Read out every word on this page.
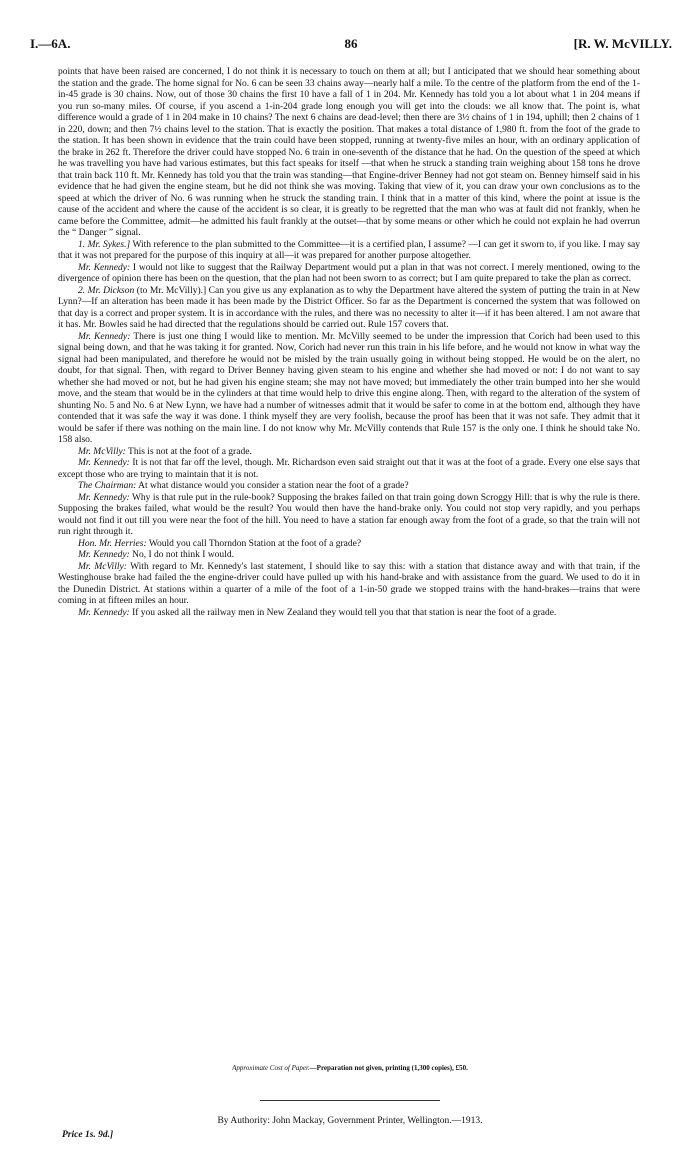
I.—6A.	86	[R. W. McVILLY.

points that have been raised are concerned, I do not think it is necessary to touch on them at all; but I anticipated that we should hear something about the station and the grade. The home signal for No. 6 can be seen 33 chains away—nearly half a mile. To the centre of the platform from the end of the 1-in-45 grade is 30 chains. Now, out of those 30 chains the first 10 have a fall of 1 in 204. Mr. Kennedy has told you a lot about what 1 in 204 means if you run so-many miles. Of course, if you ascend a 1-in-204 grade long enough you will get into the clouds: we all know that. The point is, what difference would a grade of 1 in 204 make in 10 chains? The next 6 chains are dead-level; then there are 3½ chains of 1 in 194, uphill; then 2 chains of 1 in 220, down; and then 7½ chains level to the station. That is exactly the position. That makes a total distance of 1,980 ft. from the foot of the grade to the station. It has been shown in evidence that the train could have been stopped, running at twenty-five miles an hour, with an ordinary application of the brake in 262 ft. Therefore the driver could have stopped No. 6 train in one-seventh of the distance that he had. On the question of the speed at which he was travelling you have had various estimates, but this fact speaks for itself —that when he struck a standing train weighing about 158 tons he drove that train back 110 ft. Mr. Kennedy has told you that the train was standing—that Engine-driver Benney had not got steam on. Benney himself said in his evidence that he had given the engine steam, but he did not think she was moving. Taking that view of it, you can draw your own conclusions as to the speed at which the driver of No. 6 was running when he struck the standing train. I think that in a matter of this kind, where the point at issue is the cause of the accident and where the cause of the accident is so clear, it is greatly to be regretted that the man who was at fault did not frankly, when he came before the Committee, admit—he admitted his fault frankly at the outset—that by some means or other which he could not explain he had overrun the “ Danger ” signal.

1. Mr. Sykes.] With reference to the plan submitted to the Committee—it is a certified plan, I assume? —I can get it sworn to, if you like. I may say that it was not prepared for the purpose of this inquiry at all—it was prepared for another purpose altogether.

Mr. Kennedy: I would not like to suggest that the Railway Department would put a plan in that was not correct. I merely mentioned, owing to the divergence of opinion there has been on the question, that the plan had not been sworn to as correct; but I am quite prepared to take the plan as correct.

2. Mr. Dickson (to Mr. McVilly).] Can you give us any explanation as to why the Department have altered the system of putting the train in at New Lynn?—If an alteration has been made it has been made by the District Officer. So far as the Department is concerned the system that was followed on that day is a correct and proper system. It is in accordance with the rules, and there was no necessity to alter it—if it has been altered. I am not aware that it has. Mr. Bowles said he had directed that the regulations should be carried out. Rule 157 covers that.

Mr. Kennedy: There is just one thing I would like to mention. Mr. McVilly seemed to be under the impression that Corich had been used to this signal being down, and that he was taking it for granted. Now, Corich had never run this train in his life before, and he would not know in what way the signal had been manipulated, and therefore he would not be misled by the train usually going in without being stopped. He would be on the alert, no doubt, for that signal. Then, with regard to Driver Benney having given steam to his engine and whether she had moved or not: I do not want to say whether she had moved or not, but he had given his engine steam; she may not have moved; but immediately the other train bumped into her she would move, and the steam that would be in the cylinders at that time would help to drive this engine along. Then, with regard to the alteration of the system of shunting No. 5 and No. 6 at New Lynn, we have had a number of witnesses admit that it would be safer to come in at the bottom end, although they have contended that it was safe the way it was done. I think myself they are very foolish, because the proof has been that it was not safe. They admit that it would be safer if there was nothing on the main line. I do not know why Mr. McVilly contends that Rule 157 is the only one. I think he should take No. 158 also.

Mr. McVilly: This is not at the foot of a grade.

Mr. Kennedy: It is not that far off the level, though. Mr. Richardson even said straight out that it was at the foot of a grade. Every one else says that except those who are trying to maintain that it is not.

The Chairman: At what distance would you consider a station near the foot of a grade?

Mr. Kennedy: Why is that rule put in the rule-book? Supposing the brakes failed on that train going down Scroggy Hill: that is why the rule is there. Supposing the brakes failed, what would be the result? You would then have the hand-brake only. You could not stop very rapidly, and you perhaps would not find it out till you were near the foot of the hill. You need to have a station far enough away from the foot of a grade, so that the train will not run right through it.

Hon. Mr. Herries: Would you call Thorndon Station at the foot of a grade?

Mr. Kennedy: No, I do not think I would.

Mr. McVilly: With regard to Mr. Kennedy's last statement, I should like to say this: with a station that distance away and with that train, if the Westinghouse brake had failed the the engine-driver could have pulled up with his hand-brake and with assistance from the guard. We used to do it in the Dunedin District. At stations within a quarter of a mile of the foot of a 1-in-50 grade we stopped trains with the hand-brakes—trains that were coming in at fifteen miles an hour.

Mr. Kennedy: If you asked all the railway men in New Zealand they would tell you that that station is near the foot of a grade.

Approximate Cost of Paper.—Preparation not given, printing (1,300 copies), £50.
By Authority: John Mackay, Government Printer, Wellington.—1913.
Price 1s. 9d.]
